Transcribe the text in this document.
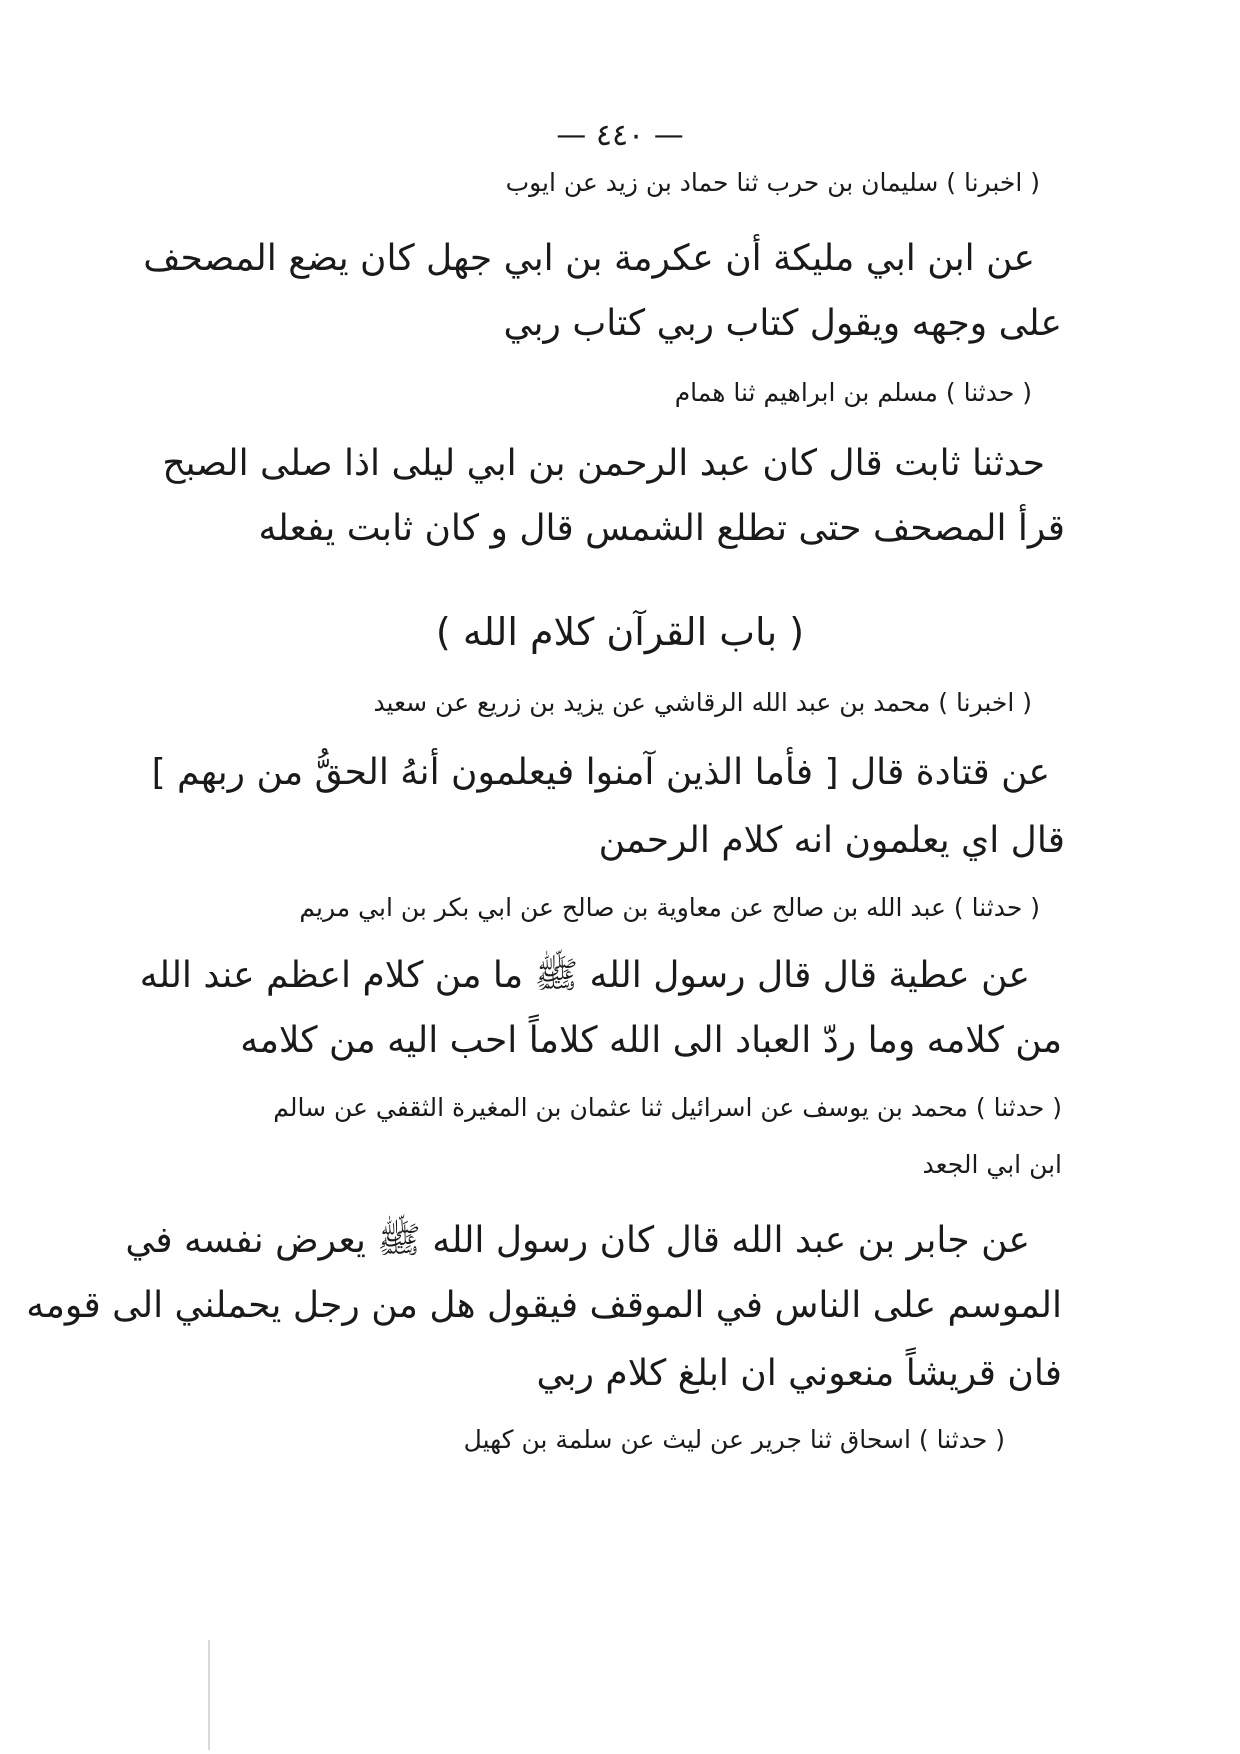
— ٤٤٠ —
( اخبرنا ) سليمان بن حرب ثنا حماد بن زيد عن ايوب
عن ابن ابي مليكة أن عكرمة بن ابي جهل كان يضع المصحف
على وجهه ويقول كتاب ربي كتاب ربي
( حدثنا ) مسلم بن ابراهيم ثنا همام
حدثنا ثابت قال كان عبد الرحمن بن ابي ليلى اذا صلى الصبح
قرأ المصحف حتى تطلع الشمس قال و كان ثابت يفعله
( باب القرآن كلام الله )
( اخبرنا ) محمد بن عبد الله الرقاشي عن يزيد بن زريع عن سعيد
عن قتادة قال [ فأما الذين آمنوا فيعلمون أنهُ الحقُّ من ربهم ]
قال اي يعلمون انه كلام الرحمن
( حدثنا ) عبد الله بن صالح عن معاوية بن صالح عن ابي بكر بن ابي مريم
عن عطية قال قال رسول الله ﷺ ما من كلام اعظم عند الله
من كلامه وما ردّ العباد الى الله كلاماً احب اليه من كلامه
( حدثنا ) محمد بن يوسف عن اسرائيل ثنا عثمان بن المغيرة الثقفي عن سالم
ابن ابي الجعد
عن جابر بن عبد الله قال كان رسول الله ﷺ يعرض نفسه في
الموسم على الناس في الموقف فيقول هل من رجل يحملني الى قومه
فان قريشاً منعوني ان ابلغ كلام ربي
( حدثنا ) اسحاق ثنا جرير عن ليث عن سلمة بن كهيل
